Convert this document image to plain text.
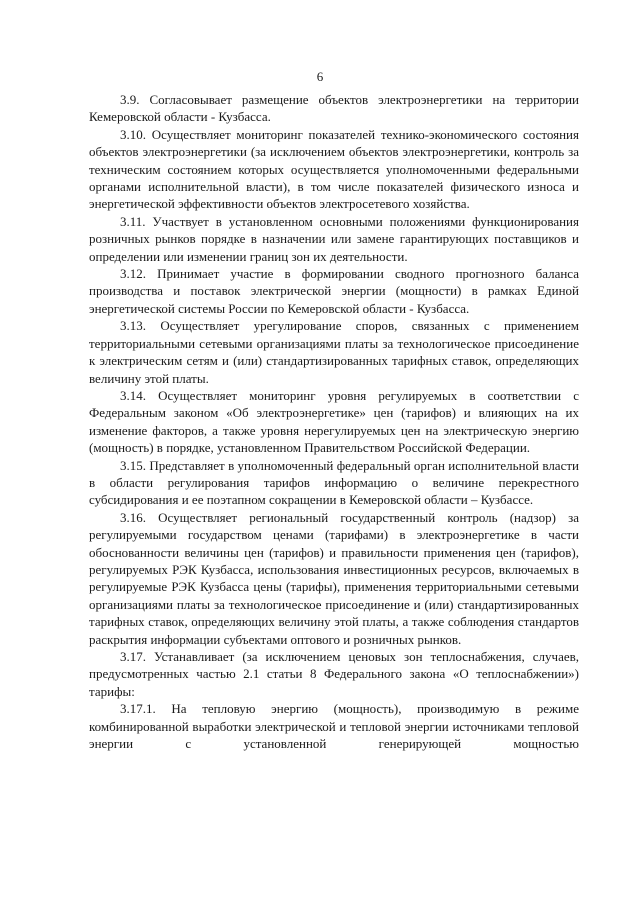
6

3.9. Согласовывает размещение объектов электроэнергетики на территории Кемеровской области - Кузбасса.

3.10. Осуществляет мониторинг показателей технико-экономического состояния объектов электроэнергетики (за исключением объектов электроэнергетики, контроль за техническим состоянием которых осуществляется уполномоченными федеральными органами исполнительной власти), в том числе показателей физического износа и энергетической эффективности объектов электросетевого хозяйства.

3.11. Участвует в установленном основными положениями функционирования розничных рынков порядке в назначении или замене гарантирующих поставщиков и определении или изменении границ зон их деятельности.

3.12. Принимает участие в формировании сводного прогнозного баланса производства и поставок электрической энергии (мощности) в рамках Единой энергетической системы России по Кемеровской области - Кузбасса.

3.13. Осуществляет урегулирование споров, связанных с применением территориальными сетевыми организациями платы за технологическое присоединение к электрическим сетям и (или) стандартизированных тарифных ставок, определяющих величину этой платы.

3.14. Осуществляет мониторинг уровня регулируемых в соответствии с Федеральным законом «Об электроэнергетике» цен (тарифов) и влияющих на их изменение факторов, а также уровня нерегулируемых цен на электрическую энергию (мощность) в порядке, установленном Правительством Российской Федерации.

3.15. Представляет в уполномоченный федеральный орган исполнительной власти в области регулирования тарифов информацию о величине перекрестного субсидирования и ее поэтапном сокращении в Кемеровской области – Кузбассе.

3.16. Осуществляет региональный государственный контроль (надзор) за регулируемыми государством ценами (тарифами) в электроэнергетике в части обоснованности величины цен (тарифов) и правильности применения цен (тарифов), регулируемых РЭК Кузбасса, использования инвестиционных ресурсов, включаемых в регулируемые РЭК Кузбасса цены (тарифы), применения территориальными сетевыми организациями платы за технологическое присоединение и (или) стандартизированных тарифных ставок, определяющих величину этой платы, а также соблюдения стандартов раскрытия информации субъектами оптового и розничных рынков.

3.17. Устанавливает (за исключением ценовых зон теплоснабжения, случаев, предусмотренных частью 2.1 статьи 8 Федерального закона «О теплоснабжении») тарифы:

3.17.1. На тепловую энергию (мощность), производимую в режиме комбинированной выработки электрической и тепловой энергии источниками тепловой энергии с установленной генерирующей мощностью
